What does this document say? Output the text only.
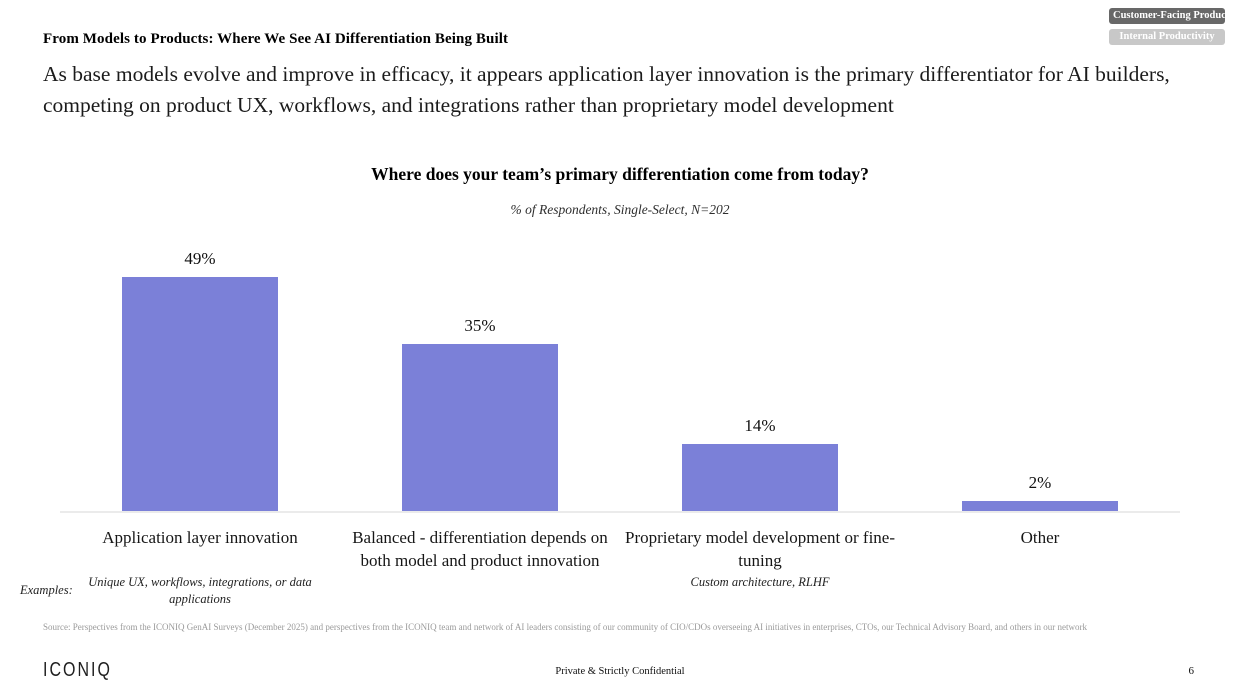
Customer-Facing Products
Internal Productivity
From Models to Products: Where We See AI Differentiation Being Built
As base models evolve and improve in efficacy, it appears application layer innovation is the primary differentiator for AI builders, competing on product UX, workflows, and integrations rather than proprietary model development
Where does your team’s primary differentiation come from today?
% of Respondents, Single-Select, N=202
49%
35%
14%
2%
Application layer innovation	Balanced - differentiation depends on both model and product innovation
Proprietary model development or fine-tuning
Other
Examples:
Unique UX, workflows, integrations, or data applications
Custom architecture, RLHF
Source: Perspectives from the ICONIQ GenAI Surveys (December 2025) and perspectives from the ICONIQ team and network of AI leaders consisting of our community of CIO/CDOs overseeing AI initiatives in enterprises, CTOs, our Technical Advisory Board, and others in our network
ICONIQ	Private & Strictly Confidential	6
